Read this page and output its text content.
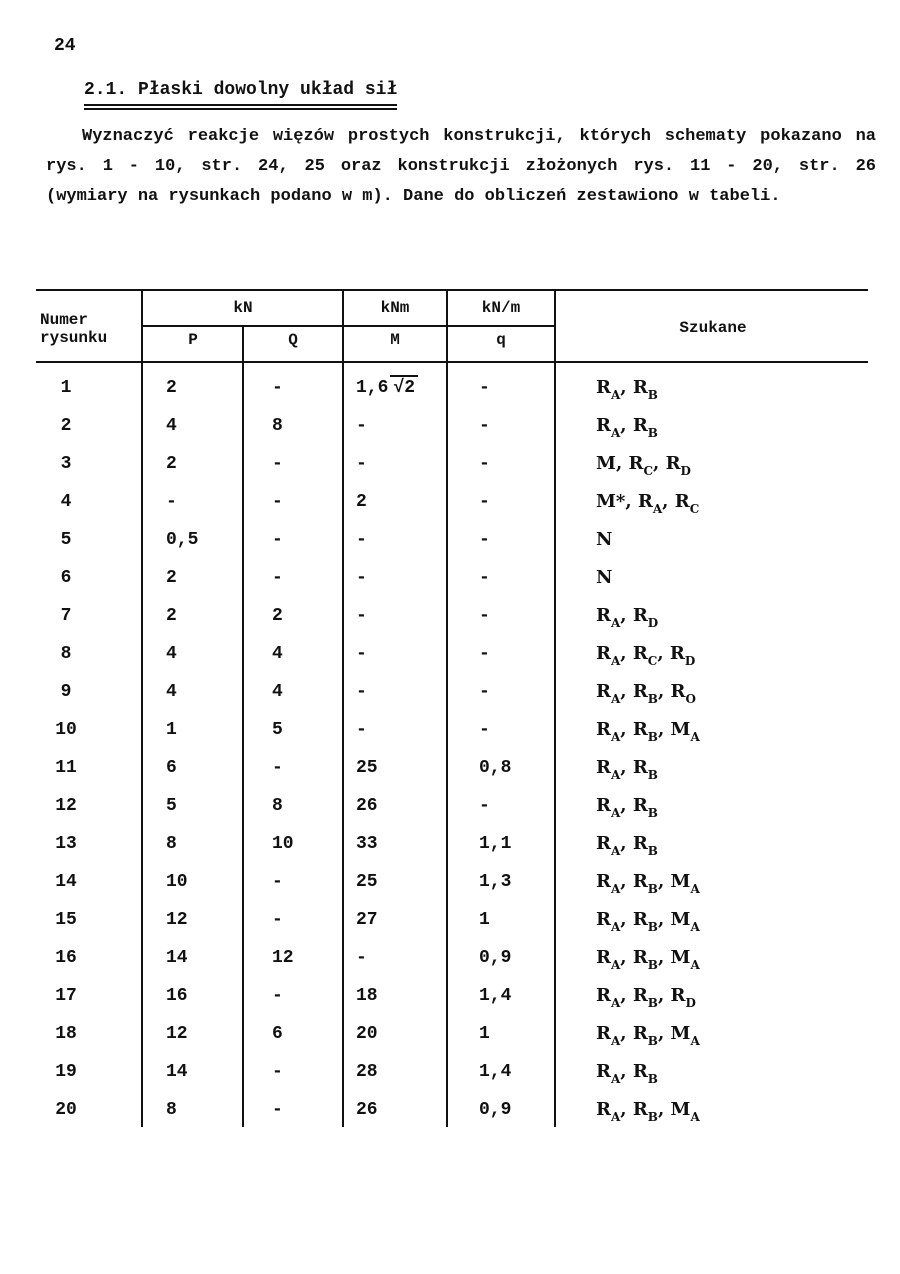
24
2.1. Płaski dowolny układ sił

Wyznaczyć reakcje więzów prostych konstrukcji, których schematy pokazano na rys. 1 - 10, str. 24, 25 oraz konstrukcji złożonych rys. 11 - 20, str. 26 (wymiary na rysunkach podano w m). Dane do obliczeń zestawiono w tabeli.

Numer rysunku
kN	kNm	kN/m
P	Q	M	q
Szukane
1	2	-	1,6 √2	-	$R_A$, $R_B$
2	4	8	-	-	$R_A$, $R_B$
3	2	-	-	-	M, $R_C$, $R_D$
4	-	-	2	-	M*, $R_A$, $R_C$
5	0,5	-	-	-	N
6	2	-	-	-	N
7	2	2	-	-	$R_A$, $R_D$
8	4	4	-	-	$R_A$, $R_C$, $R_D$
9	4	4	-	-	$R_A$, $R_B$, $R_O$
10	1	5	-	-	$R_A$, $R_B$, $M_A$
11	6	-	25	0,8	$R_A$, $R_B$
12	5	8	26	-	$R_A$, $R_B$
13	8	10	33	1,1	$R_A$, $R_B$
14	10	-	25	1,3	$R_A$, $R_B$, $M_A$
15	12	-	27	1	$R_A$, $R_B$, $M_A$
16	14	12	-	0,9	$R_A$, $R_B$, $M_A$
17	16	-	18	1,4	$R_A$, $R_B$, $R_D$
18	12	6	20	1	$R_A$, $R_B$, $M_A$
19	14	-	28	1,4	$R_A$, $R_B$
20	8	-	26	0,9	$R_A$, $R_B$, $M_A$
